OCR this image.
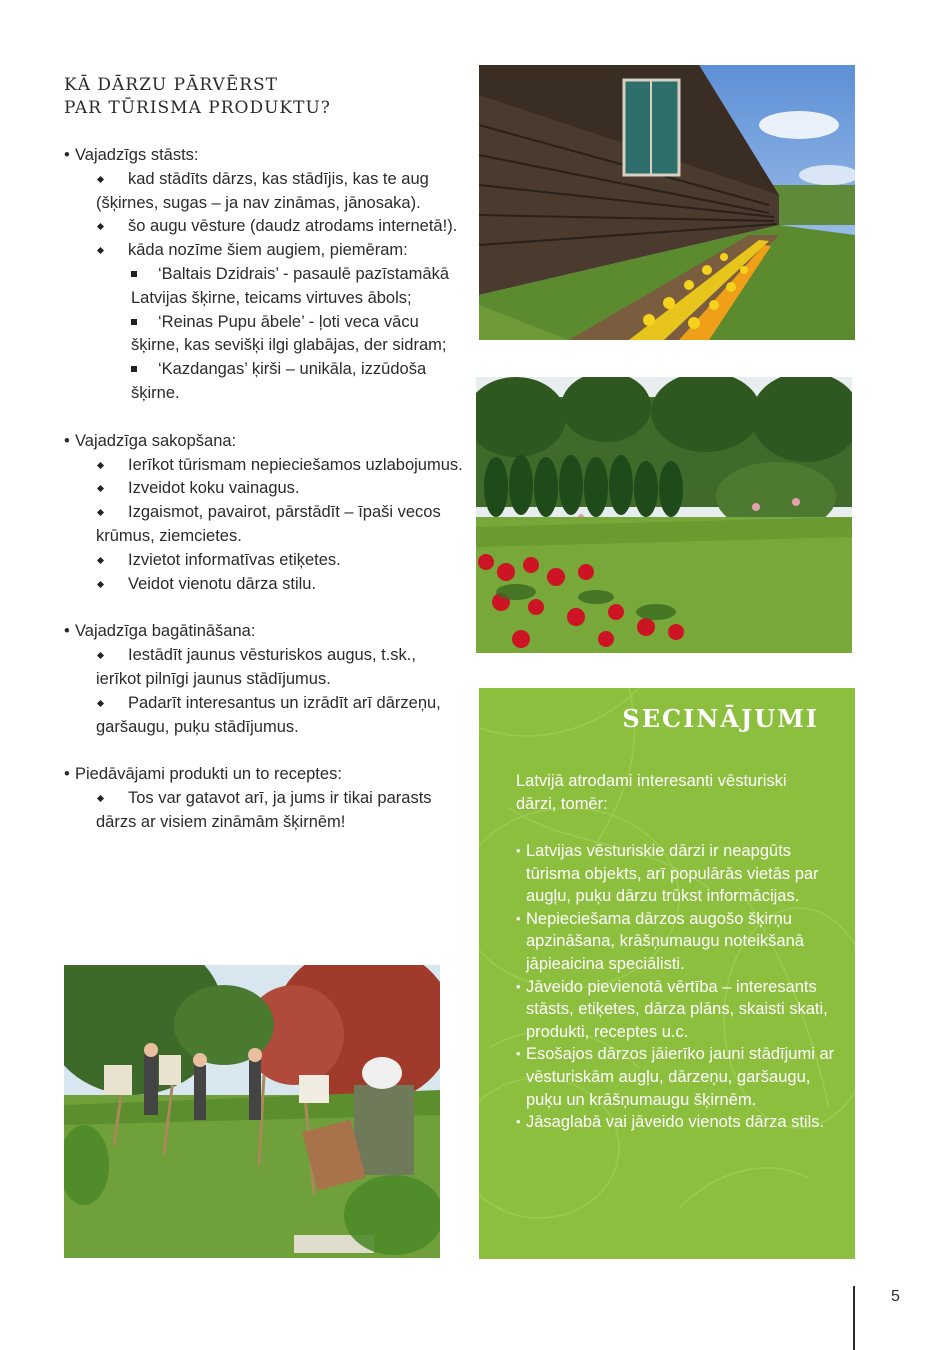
KĀ DĀRZU PĀRVĒRST
PAR TŪRISMA PRODUKTU?
• Vajadzīgs stāsts:
kad stādīts dārzs, kas stādījis, kas te aug (šķirnes, sugas – ja nav zināmas, jānosaka).
šo augu vēsture (daudz atrodams internetā!).
kāda nozīme šiem augiem, piemēram:
‘Baltais Dzidrais’ - pasaulē pazīstamākā Latvijas šķirne, teicams virtuves ābols;
‘Reinas Pupu ābele’ - ļoti veca vācu šķirne, kas sevišķi ilgi glabājas, der sidram;
‘Kazdangas’ ķirši – unikāla, izzūdoša šķirne.
• Vajadzīga sakopšana:
Ierīkot tūrismam nepieciešamos uzlabojumus.
Izveidot koku vainagus.
Izgaismot, pavairot, pārstādīt – īpaši vecos krūmus, ziemcietes.
Izvietot informatīvas etiķetes.
Veidot vienotu dārza stilu.
• Vajadzīga bagātināšana:
Iestādīt jaunus vēsturiskos augus, t.sk., ierīkot pilnīgi jaunus stādījumus.
Padarīt interesantus un izrādīt arī dārzeņu, garšaugu, puķu stādījumus.
• Piedāvājami produkti un to receptes:
Tos var gatavot arī, ja jums ir tikai parasts dārzs ar visiem zināmām šķirnēm!
SECINĀJUMI
Latvijā atrodami interesanti vēsturiski dārzi, tomēr:
• Latvijas vēsturiskie dārzi ir neapgūts tūrisma objekts, arī populārās vietās par augļu, puķu dārzu trūkst informācijas.
• Nepieciešama dārzos augošo šķirņu apzināšana, krāšņumaugu noteikšanā jāpieaicina speciālisti.
• Jāveido pievienotā vērtība – interesants stāsts, etiķetes, dārza plāns, skaisti skati, produkti, receptes u.c.
• Esošajos dārzos jāierīko jauni stādījumi ar vēsturiskām augļu, dārzeņu, garšaugu, puķu un krāšņumaugu šķirnēm.
• Jāsaglabā vai jāveido vienots dārza stils.
5
